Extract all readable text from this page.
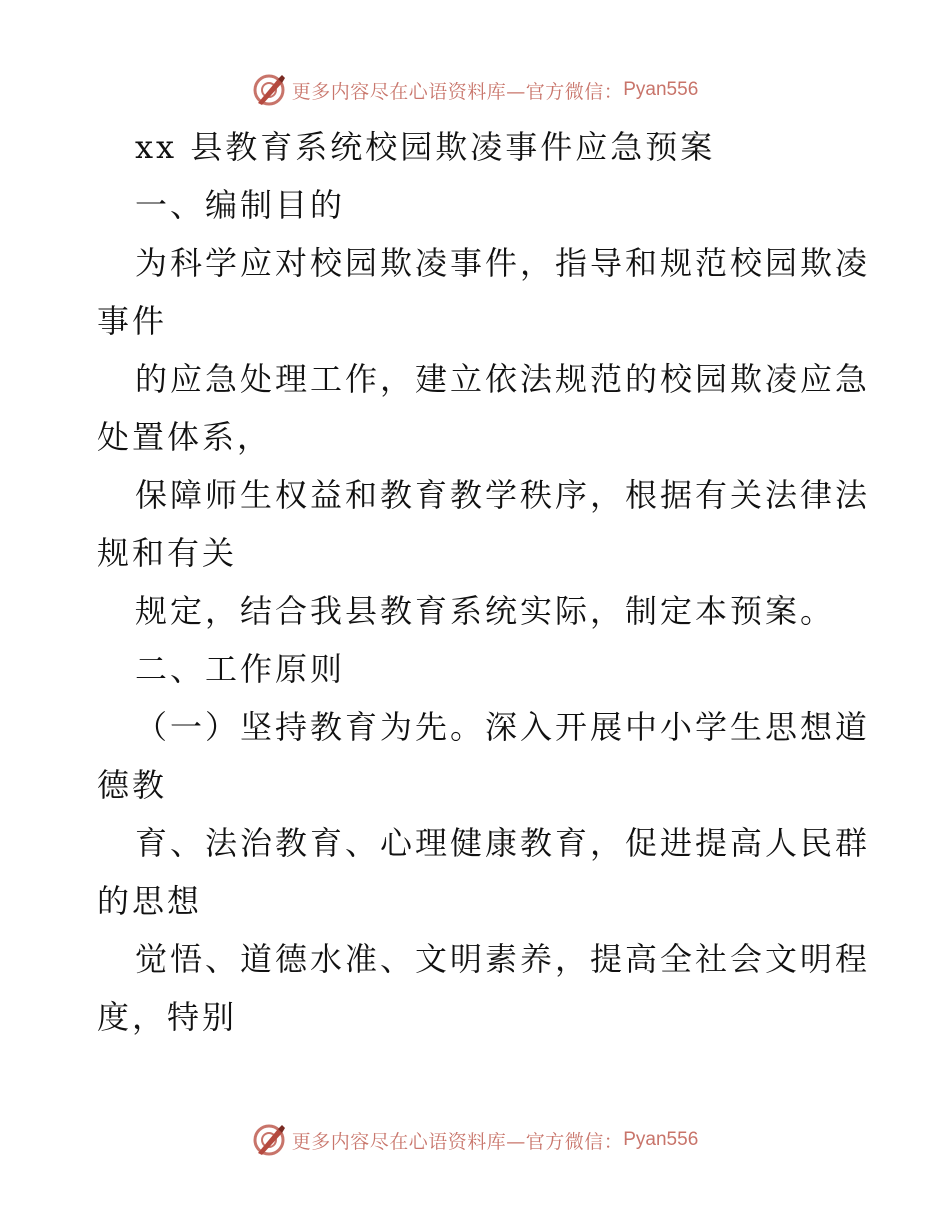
更多内容尽在心语资料库—官方微信： Pyan556
xx 县教育系统校园欺凌事件应急预案
一、编制目的
为科学应对校园欺凌事件，指导和规范校园欺凌
事件
的应急处理工作，建立依法规范的校园欺凌应急
处置体系，
保障师生权益和教育教学秩序，根据有关法律法
规和有关
规定，结合我县教育系统实际，制定本预案。
二、工作原则
（一）坚持教育为先。深入开展中小学生思想道
德教
育、法治教育、心理健康教育，促进提高人民群
的思想
觉悟、道德水准、文明素养，提高全社会文明程
度，特别
更多内容尽在心语资料库—官方微信： Pyan556
